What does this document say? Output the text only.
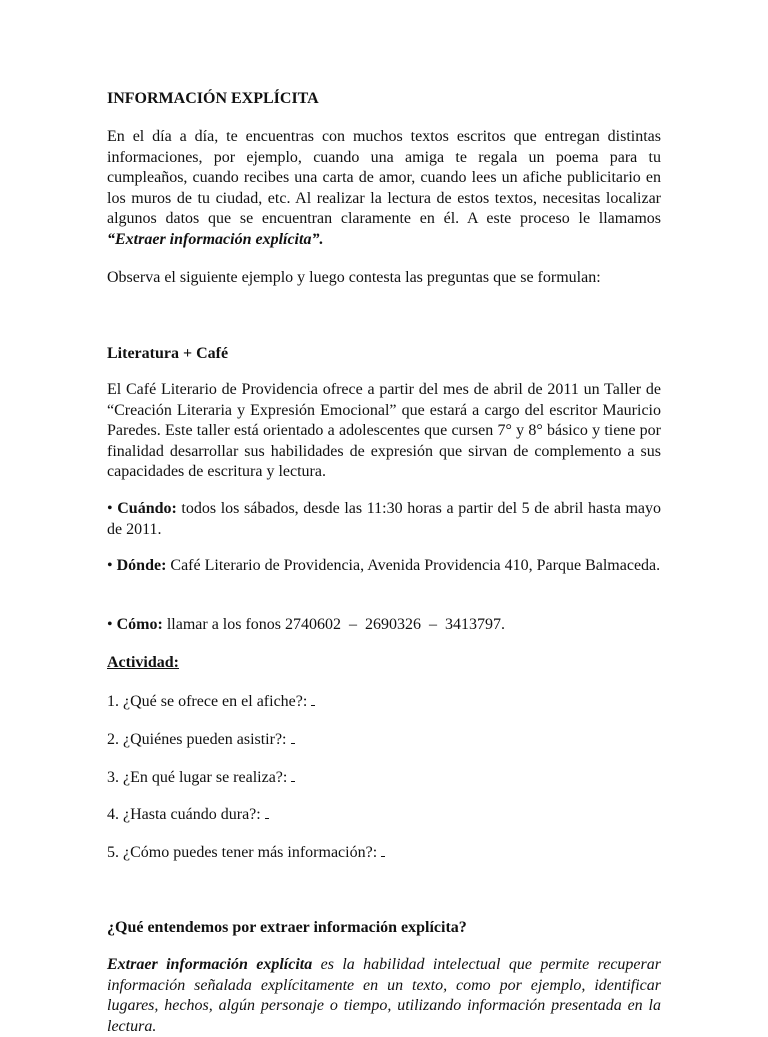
INFORMACIÓN EXPLÍCITA

En el día a día, te encuentras con muchos textos escritos que entregan distintas informaciones, por ejemplo, cuando una amiga te regala un poema para tu cumpleaños, cuando recibes una carta de amor, cuando lees un afiche publicitario en los muros de tu ciudad, etc. Al realizar la lectura de estos textos, necesitas localizar algunos datos que se encuentran claramente en él. A este proceso le llamamos “Extraer información explícita”.

Observa el siguiente ejemplo y luego contesta las preguntas que se formulan:

Literatura + Café

El Café Literario de Providencia ofrece a partir del mes de abril de 2011 un Taller de “Creación Literaria y Expresión Emocional” que estará a cargo del escritor Mauricio Paredes. Este taller está orientado a adolescentes que cursen 7° y 8° básico y tiene por finalidad desarrollar sus habilidades de expresión que sirvan de complemento a sus capacidades de escritura y lectura.

• Cuándo: todos los sábados, desde las 11:30 horas a partir del 5 de abril hasta mayo de 2011.

• Dónde: Café Literario de Providencia, Avenida Providencia 410, Parque Balmaceda.

• Cómo: llamar a los fonos 2740602  –  2690326  –  3413797.

Actividad:

1. ¿Qué se ofrece en el afiche?:

2. ¿Quiénes pueden asistir?:

3. ¿En qué lugar se realiza?:

4. ¿Hasta cuándo dura?:

5. ¿Cómo puedes tener más información?:

¿Qué entendemos por extraer información explícita?

Extraer información explícita es la habilidad intelectual que permite recuperar información señalada explícitamente en un texto, como por ejemplo, identificar lugares, hechos, algún personaje o tiempo, utilizando información presentada en la lectura.
